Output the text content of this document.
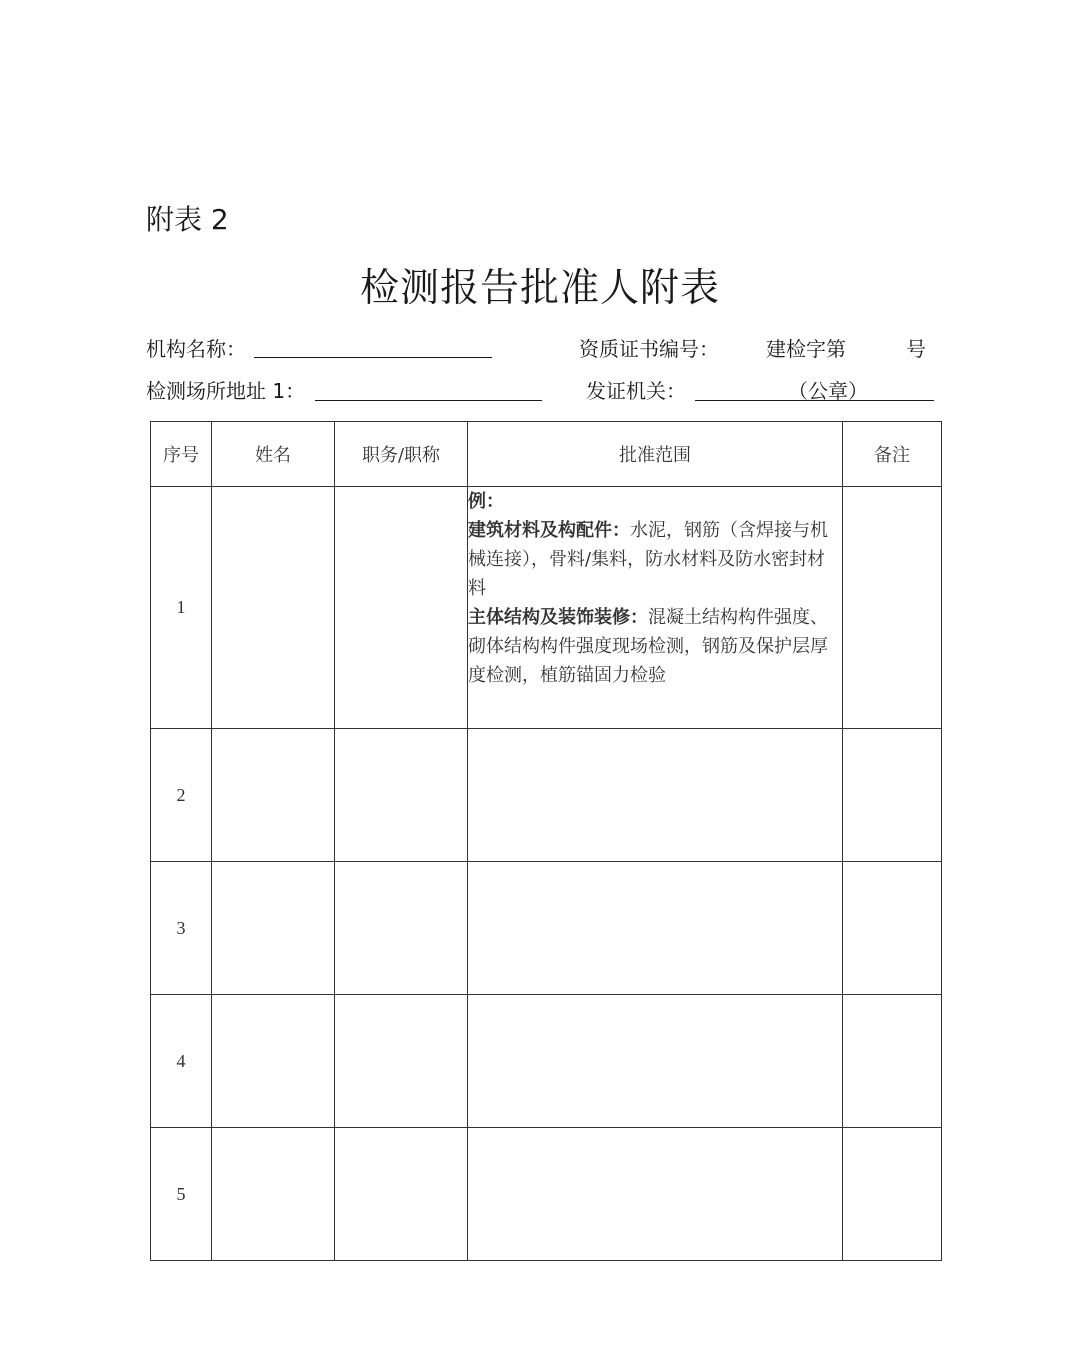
附表 2
检测报告批准人附表
机构名称：	资质证书编号： 建检字第	号
检测场所地址 1：	发证机关：	（公章）
序号	姓名	职务/职称	批准范围	备注
1			例：
建筑材料及构配件：水泥，钢筋（含焊接与机械连接），骨料/集料，防水材料及防水密封材料
主体结构及装饰装修：混凝土结构构件强度、砌体结构构件强度现场检测，钢筋及保护层厚度检测，植筋锚固力检验	

2				
3				
4				
5				
